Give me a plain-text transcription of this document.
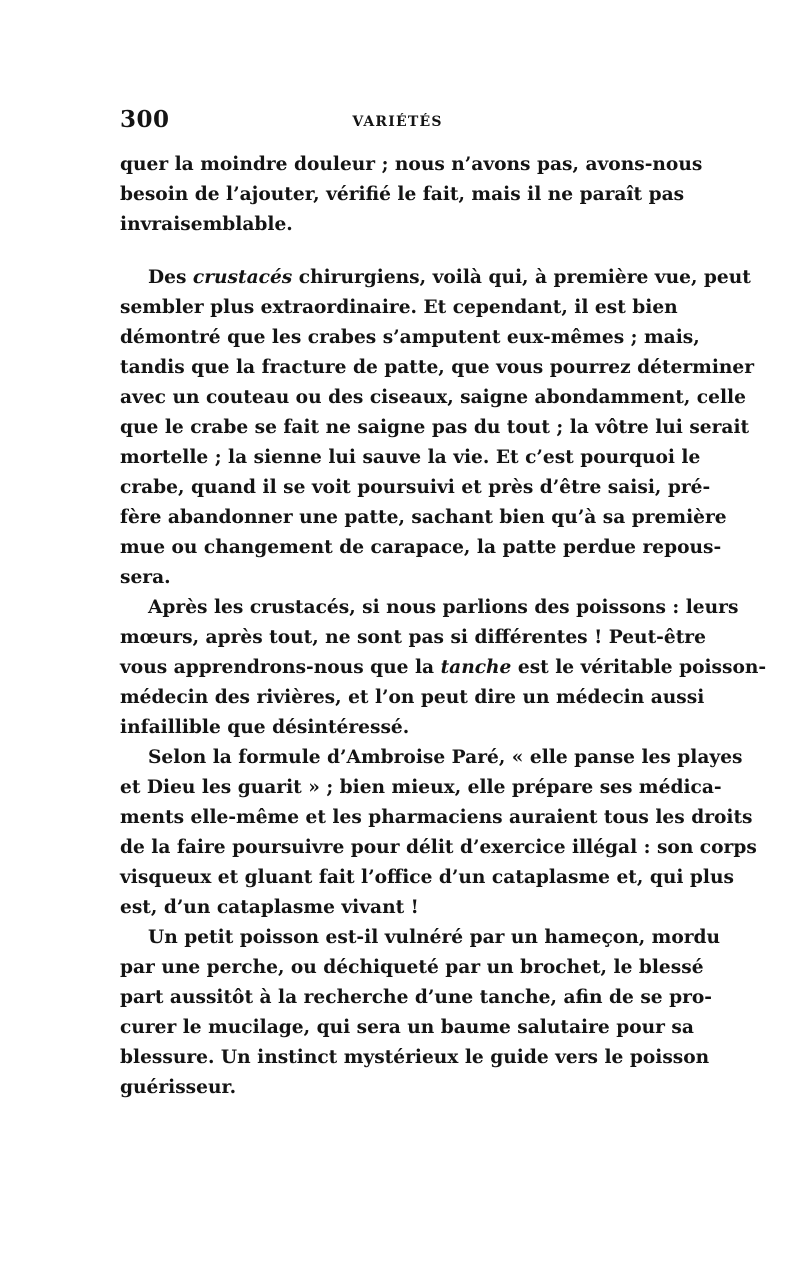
300	VARIÉTÉS

quer la moindre douleur ; nous n’avons pas, avons-nous
besoin de l’ajouter, vérifié le fait, mais il ne paraît pas
invraisemblable.

Des crustacés chirurgiens, voilà qui, à première vue, peut
sembler plus extraordinaire. Et cependant, il est bien
démontré que les crabes s’amputent eux-mêmes ; mais,
tandis que la fracture de patte, que vous pourrez déterminer
avec un couteau ou des ciseaux, saigne abondamment, celle
que le crabe se fait ne saigne pas du tout ; la vôtre lui serait
mortelle ; la sienne lui sauve la vie. Et c’est pourquoi le
crabe, quand il se voit poursuivi et près d’être saisi, pré-
fère abandonner une patte, sachant bien qu’à sa première
mue ou changement de carapace, la patte perdue repous-
sera.

Après les crustacés, si nous parlions des poissons : leurs
mœurs, après tout, ne sont pas si différentes ! Peut-être
vous apprendrons-nous que la tanche est le véritable poisson-
médecin des rivières, et l’on peut dire un médecin aussi
infaillible que désintéressé.

Selon la formule d’Ambroise Paré, « elle panse les playes
et Dieu les guarit » ; bien mieux, elle prépare ses médica-
ments elle-même et les pharmaciens auraient tous les droits
de la faire poursuivre pour délit d’exercice illégal : son corps
visqueux et gluant fait l’office d’un cataplasme et, qui plus
est, d’un cataplasme vivant !

Un petit poisson est-il vulnéré par un hameçon, mordu
par une perche, ou déchiqueté par un brochet, le blessé
part aussitôt à la recherche d’une tanche, afin de se pro-
curer le mucilage, qui sera un baume salutaire pour sa
blessure. Un instinct mystérieux le guide vers le poisson
guérisseur.
